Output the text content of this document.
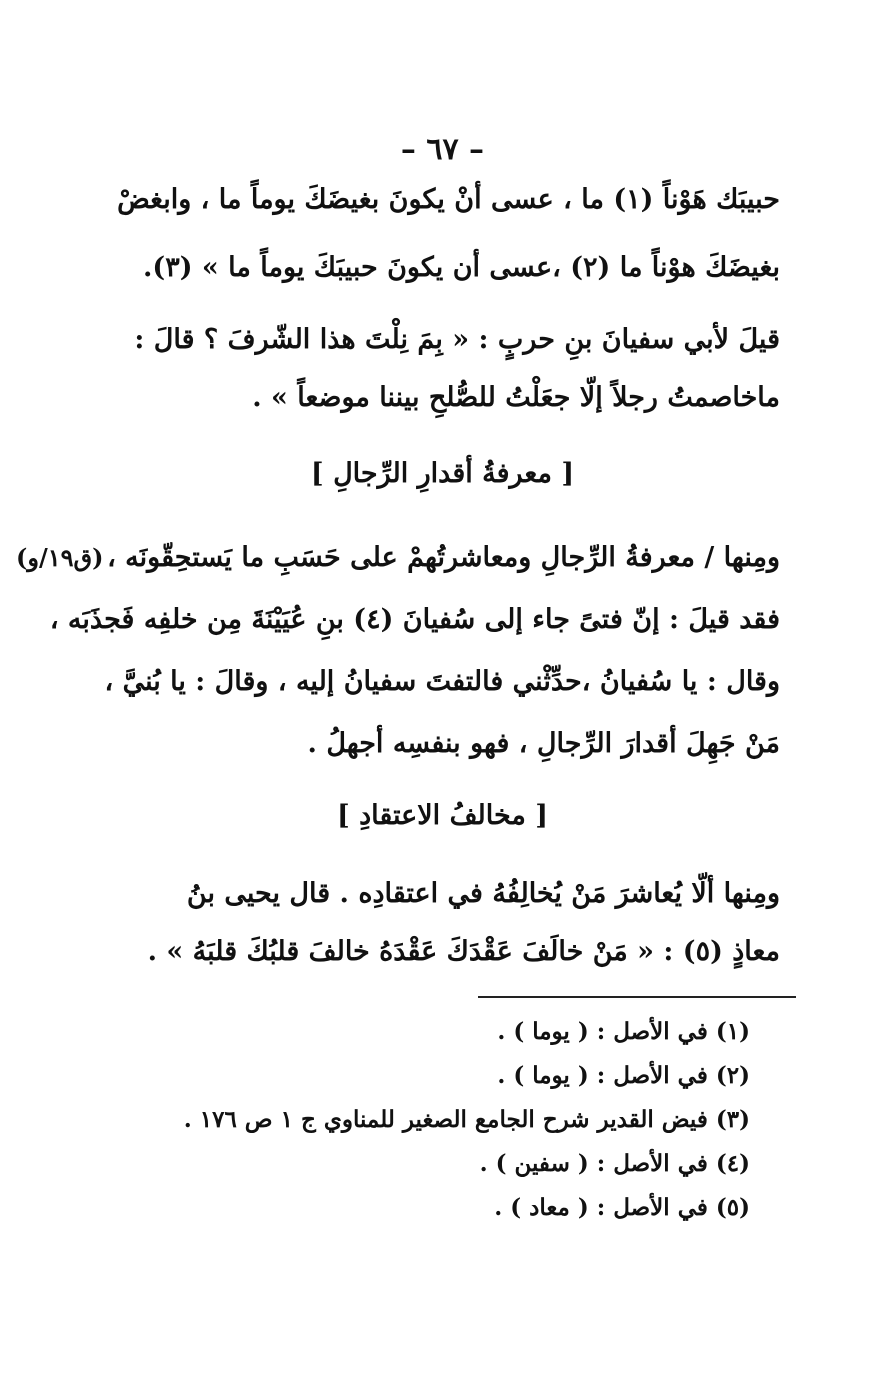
– ٦٧ –
حبيبَك هَوْناً (١) ما ، عسى أنْ يكونَ بغيضَكَ يوماً ما ، وابغضْ
بغيضَكَ هوْناً ما (٢) ،عسى أن يكونَ حبيبَكَ يوماً ما » (٣).
قيلَ لأبي سفيانَ بنِ حربٍ : « بِمَ نِلْتَ هذا الشّرفَ ؟ قالَ :
ماخاصمتُ رجلاً إلّا جعَلْتُ للصُّلحِ بيننا موضعاً » .
[ معرفةُ أقدارِ الرِّجالِ ]
(ق١٩/و) ومِنها / معرفةُ الرِّجالِ ومعاشرتُهمْ على حَسَبِ ما يَستحِقّونَه ،
فقد قيلَ : إنّ فتىً جاء إلى سُفيانَ (٤) بنِ عُيَيْنَةَ مِن خلفِه فَجذَبَه ،
وقال : يا سُفيانُ ،حدِّثْني فالتفتَ سفيانُ إليه ، وقالَ : يا بُنيَّ ،
مَنْ جَهِلَ أقدارَ الرِّجالِ ، فهو بنفسِه أجهلُ .
[ مخالفُ الاعتقادِ ]
ومِنها ألّا يُعاشرَ مَنْ يُخالِفُهُ في اعتقادِه . قال يحيى بنُ
معاذٍ (٥) : « مَنْ خالَفَ عَقْدَكَ عَقْدَهُ خالفَ قلبُكَ قلبَهُ » .
(١) في الأصل : ( يوما ) .
(٢) في الأصل : ( يوما ) .
(٣) فيض القدير شرح الجامع الصغير للمناوي ج ١ ص ١٧٦ .
(٤) في الأصل : ( سفين ) .
(٥) في الأصل : ( معاد ) .
